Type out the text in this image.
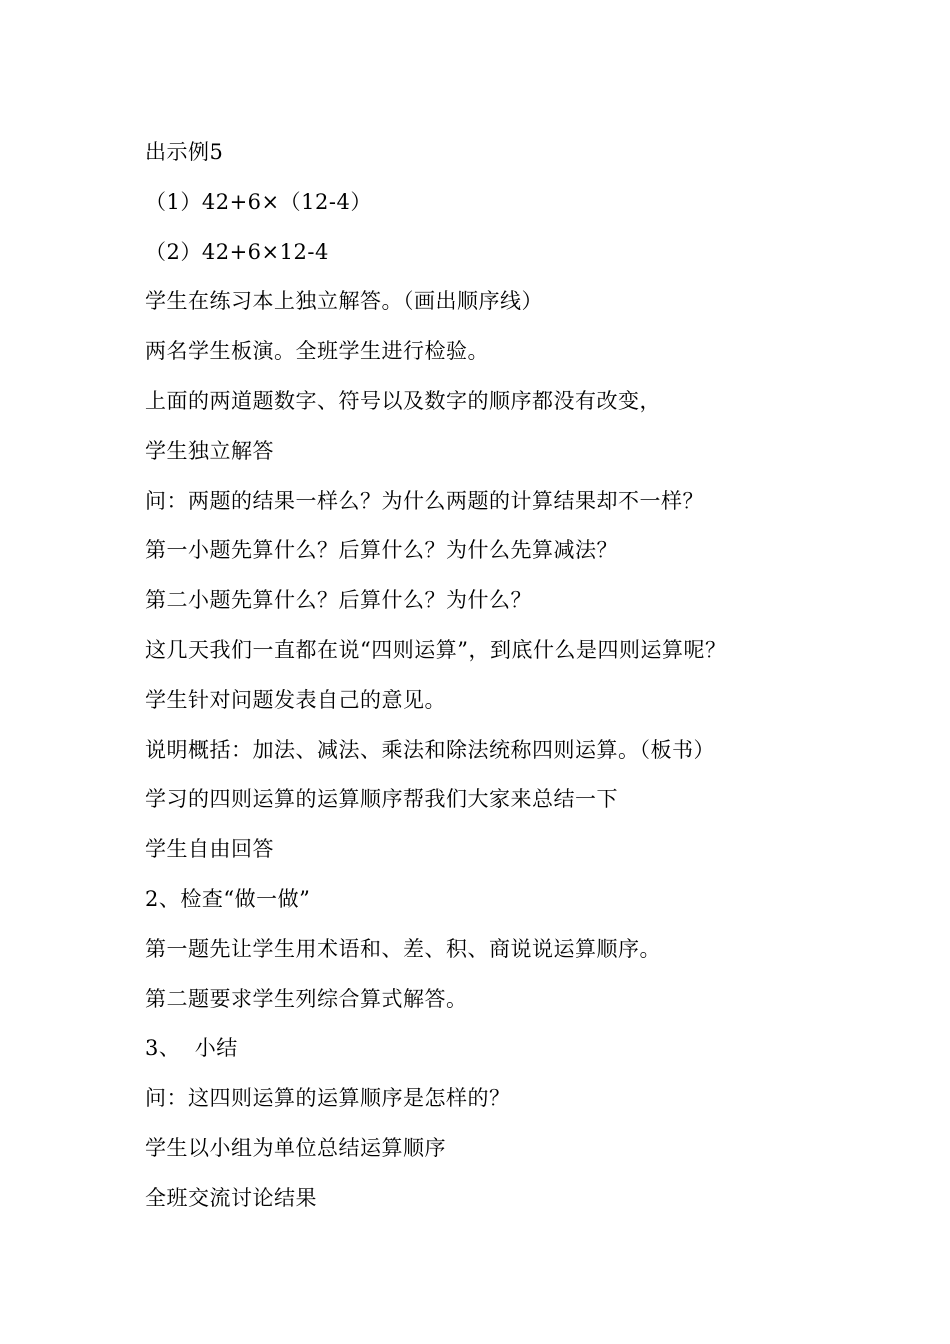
出示例5
（1）42+6×（12-4）
（2）42+6×12-4
学生在练习本上独立解答。（画出顺序线）
两名学生板演。全班学生进行检验。
上面的两道题数字、符号以及数字的顺序都没有改变，
学生独立解答
问：两题的结果一样么？为什么两题的计算结果却不一样？
第一小题先算什么？后算什么？为什么先算减法？
第二小题先算什么？后算什么？为什么？
这几天我们一直都在说“四则运算”，到底什么是四则运算呢？
学生针对问题发表自己的意见。
说明概括：加法、减法、乘法和除法统称四则运算。（板书）
学习的四则运算的运算顺序帮我们大家来总结一下
学生自由回答
2、检查“做一做”
第一题先让学生用术语和、差、积、商说说运算顺序。
第二题要求学生列综合算式解答。
3、  小结
问：这四则运算的运算顺序是怎样的？
学生以小组为单位总结运算顺序
全班交流讨论结果
